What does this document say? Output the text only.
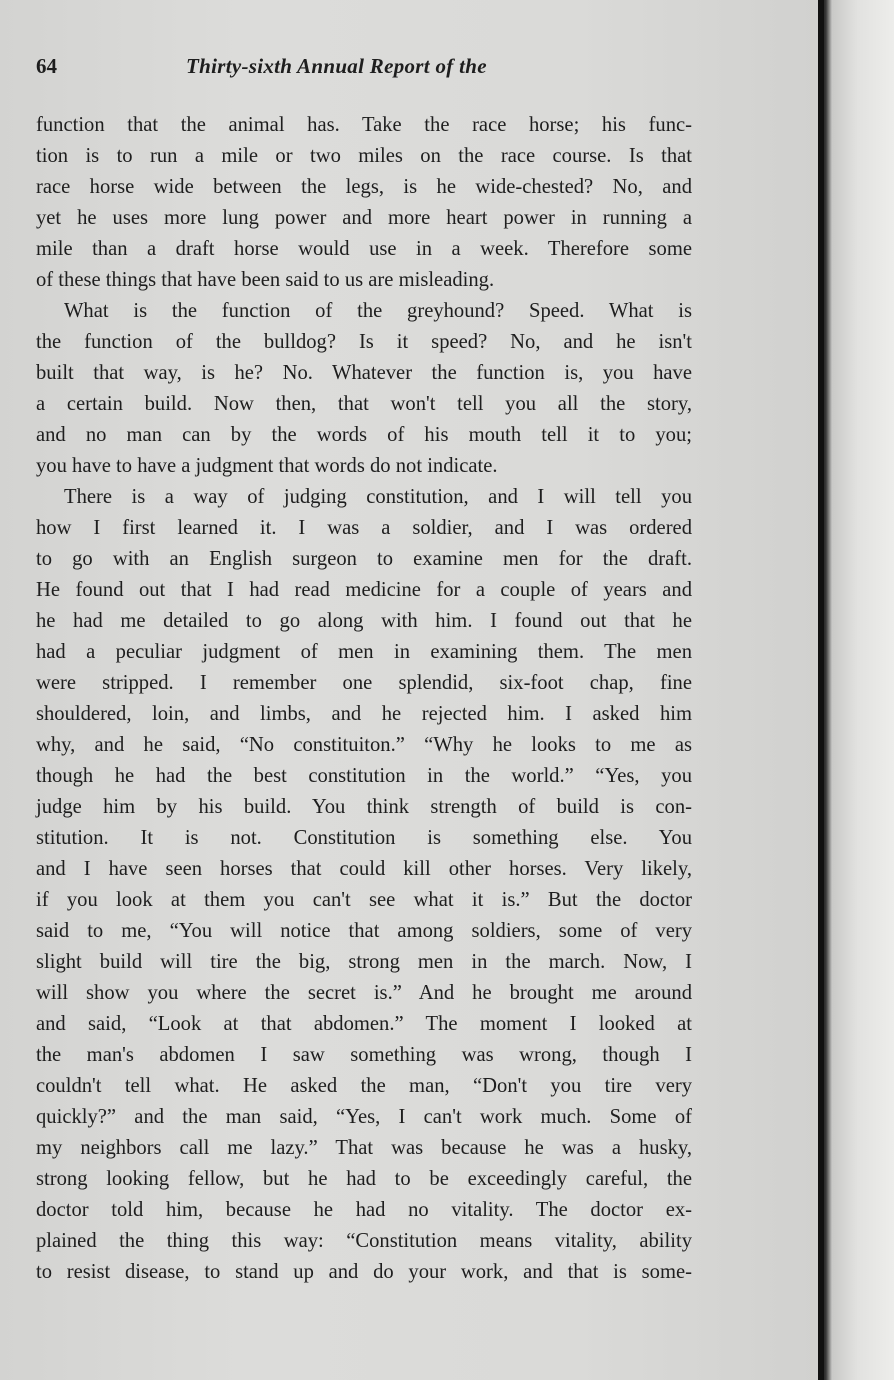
64	Thirty-sixth Annual Report of the
function that the animal has. Take the race horse; his func-
tion is to run a mile or two miles on the race course. Is that
race horse wide between the legs, is he wide-chested? No, and
yet he uses more lung power and more heart power in running a
mile than a draft horse would use in a week. Therefore some
of these things that have been said to us are misleading.
What is the function of the greyhound? Speed. What is
the function of the bulldog? Is it speed? No, and he isn't
built that way, is he? No. Whatever the function is, you have
a certain build. Now then, that won't tell you all the story,
and no man can by the words of his mouth tell it to you;
you have to have a judgment that words do not indicate.
There is a way of judging constitution, and I will tell you
how I first learned it. I was a soldier, and I was ordered
to go with an English surgeon to examine men for the draft.
He found out that I had read medicine for a couple of years and
he had me detailed to go along with him. I found out that he
had a peculiar judgment of men in examining them. The men
were stripped. I remember one splendid, six-foot chap, fine
shouldered, loin, and limbs, and he rejected him. I asked him
why, and he said, “No constituiton.” “Why he looks to me as
though he had the best constitution in the world.” “Yes, you
judge him by his build. You think strength of build is con-
stitution. It is not. Constitution is something else. You
and I have seen horses that could kill other horses. Very likely,
if you look at them you can't see what it is.” But the doctor
said to me, “You will notice that among soldiers, some of very
slight build will tire the big, strong men in the march. Now, I
will show you where the secret is.” And he brought me around
and said, “Look at that abdomen.” The moment I looked at
the man's abdomen I saw something was wrong, though I
couldn't tell what. He asked the man, “Don't you tire very
quickly?” and the man said, “Yes, I can't work much. Some of
my neighbors call me lazy.” That was because he was a husky,
strong looking fellow, but he had to be exceedingly careful, the
doctor told him, because he had no vitality. The doctor ex-
plained the thing this way: “Constitution means vitality, ability
to resist disease, to stand up and do your work, and that is some-
